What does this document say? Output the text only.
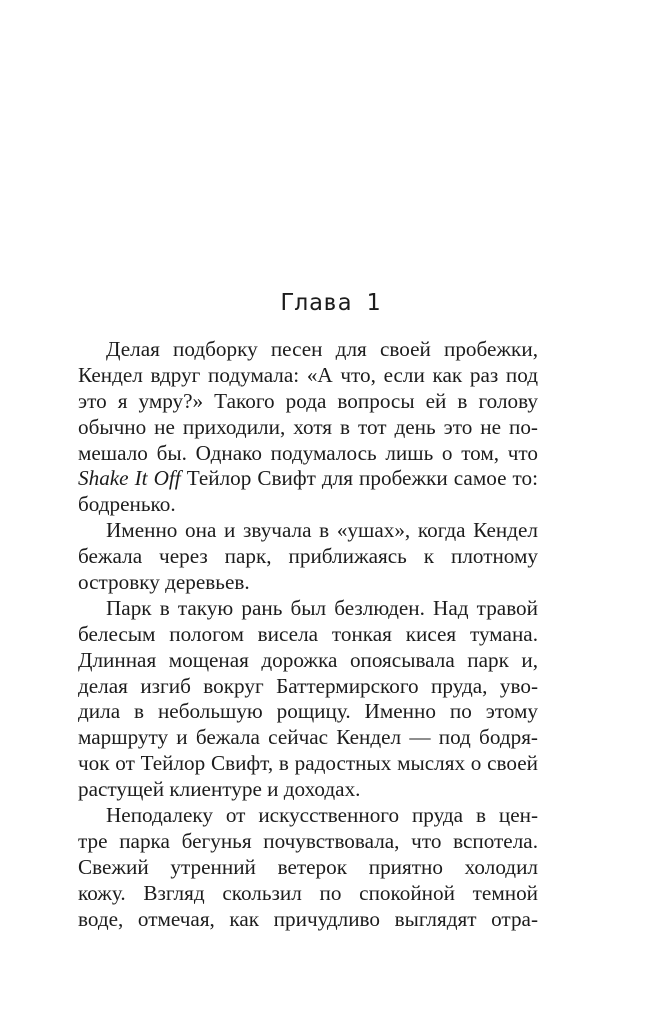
Глава 1
Делая подборку песен для своей пробежки,
Кендел вдруг подумала: «А что, если как раз под
это я умру?» Такого рода вопросы ей в голову
обычно не приходили, хотя в тот день это не по-
мешало бы. Однако подумалось лишь о том, что
Shake It Off Тейлор Свифт для пробежки самое то:
бодренько.
Именно она и звучала в «ушах», когда Кендел
бежала через парк, приближаясь к плотному
островку деревьев.
Парк в такую рань был безлюден. Над травой
белесым пологом висела тонкая кисея тумана.
Длинная мощеная дорожка опоясывала парк и,
делая изгиб вокруг Баттермирского пруда, уво-
дила в небольшую рощицу. Именно по этому
маршруту и бежала сейчас Кендел — под бодря-
чок от Тейлор Свифт, в радостных мыслях о своей
растущей клиентуре и доходах.
Неподалеку от искусственного пруда в цен-
тре парка бегунья почувствовала, что вспотела.
Свежий утренний ветерок приятно холодил
кожу. Взгляд скользил по спокойной темной
воде, отмечая, как причудливо выглядят отра-
